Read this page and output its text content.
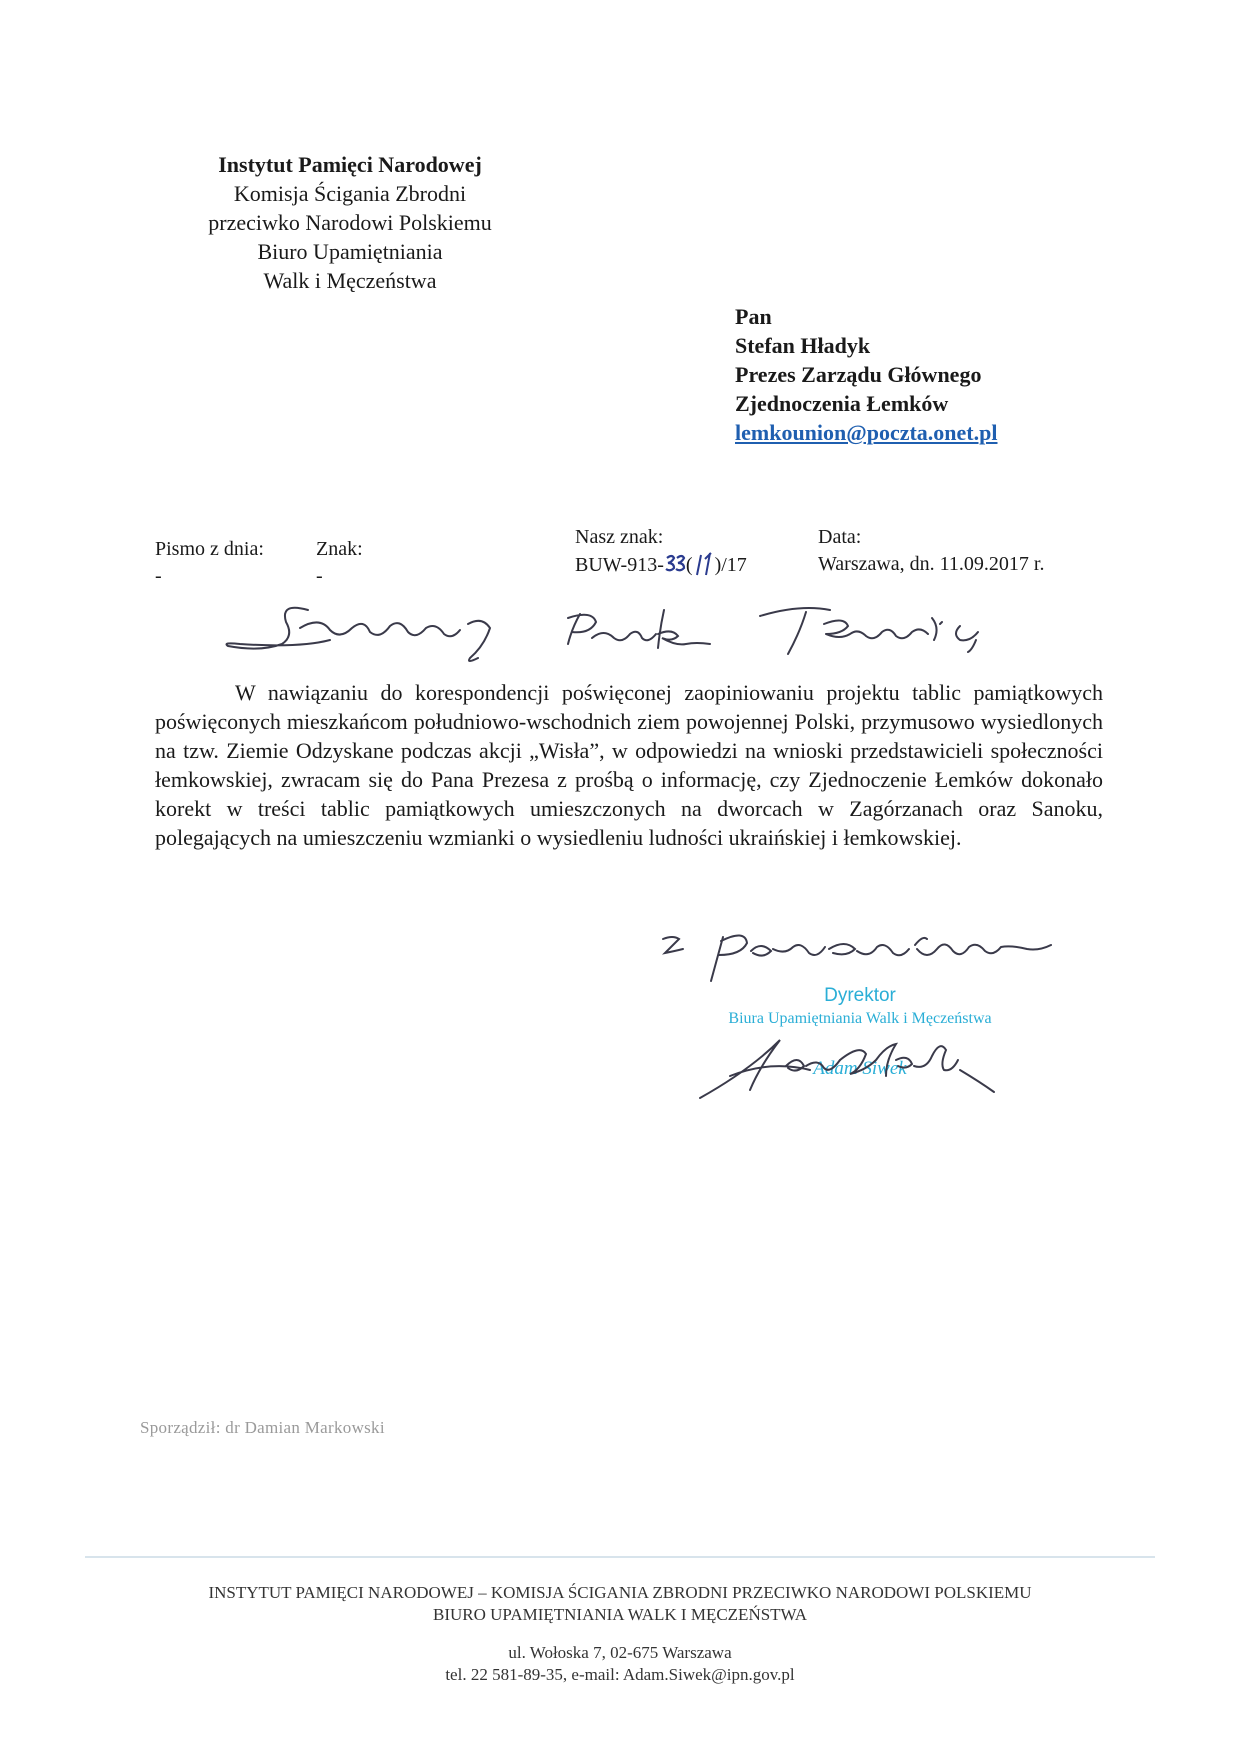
Instytut Pamięci Narodowej
Komisja Ścigania Zbrodni
przeciwko Narodowi Polskiemu
Biuro Upamiętniania
Walk i Męczeństwa
Pan
Stefan Hładyk
Prezes Zarządu Głównego
Zjednoczenia Łemków
lemkounion@poczta.onet.pl
Pismo z dnia:
-
Znak:
-
Nasz znak:
BUW-913- ( )/17
Data:
Warszawa, dn. 11.09.2017 r.

W nawiązaniu do korespondencji poświęconej zaopiniowaniu projektu tablic pamiątkowych poświęconych mieszkańcom południowo-wschodnich ziem powojennej Polski, przymusowo wysiedlonych na tzw. Ziemie Odzyskane podczas akcji „Wisła”, w odpowiedzi na wnioski przedstawicieli społeczności łemkowskiej, zwracam się do Pana Prezesa z prośbą o informację, czy Zjednoczenie Łemków dokonało korekt w treści tablic pamiątkowych umieszczonych na dworcach w Zagórzanach oraz Sanoku, polegających na umieszczeniu wzmianki o wysiedleniu ludności ukraińskiej i łemkowskiej.

Dyrektor
Biura Upamiętniania Walk i Męczeństwa
Adam Siwek
Sporządził: dr Damian Markowski
INSTYTUT PAMIĘCI NARODOWEJ – KOMISJA ŚCIGANIA ZBRODNI PRZECIWKO NARODOWI POLSKIEMU
BIURO UPAMIĘTNIANIA WALK I MĘCZEŃSTWA
ul. Wołoska 7, 02-675 Warszawa
tel. 22 581-89-35, e-mail: Adam.Siwek@ipn.gov.pl
